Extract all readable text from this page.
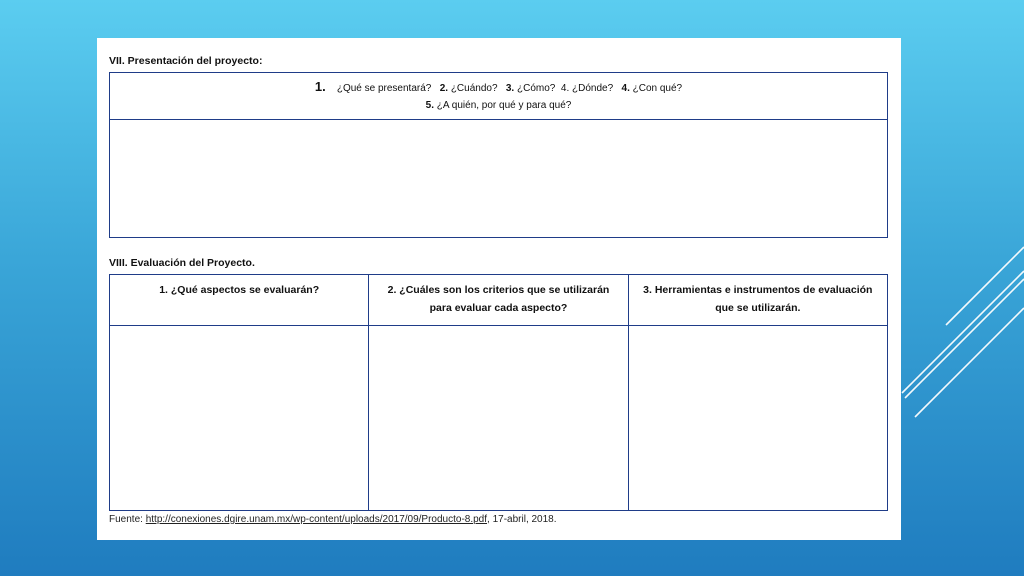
VII. Presentación del proyecto:
1. ¿Qué se presentará? 2. ¿Cuándo? 3. ¿Cómo? 4. ¿Dónde? 4. ¿Con qué?
5. ¿A quién, por qué y para qué?
VIII. Evaluación del Proyecto.
1. ¿Qué aspectos se evaluarán?	2. ¿Cuáles son los criterios que se utilizarán para evaluar cada aspecto?
3. Herramientas e instrumentos de evaluación que se utilizarán.
Fuente: http://conexiones.dgire.unam.mx/wp-content/uploads/2017/09/Producto-8.pdf, 17-abril, 2018.
